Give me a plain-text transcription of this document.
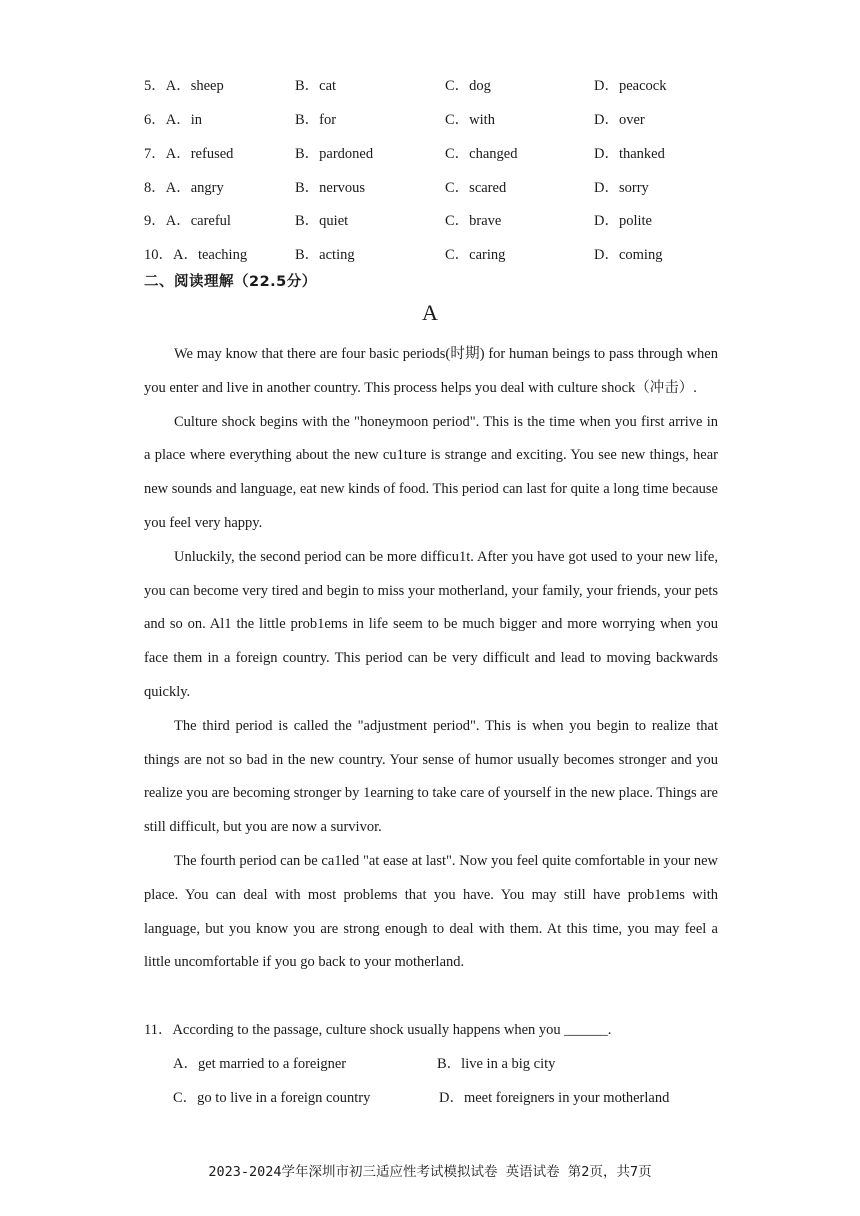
5．A．sheep	B．cat	C．dog	D．peacock
6．A．in	B．for	C．with	D．over
7．A．refused	B．pardoned	C．changed	D．thanked
8．A．angry	B．nervous	C．scared	D．sorry
9．A．careful	B．quiet	C．brave	D．polite
10．A．teaching	B．acting	C．caring	D．coming
二、阅读理解（22.5分）
A

We may know that there are four basic periods(时期) for human beings to pass through when you enter and live in another country. This process helps you deal with culture shock（冲击）.

Culture shock begins with the "honeymoon period". This is the time when you first arrive in a place where everything about the new cu1ture is strange and exciting. You see new things, hear new sounds and language, eat new kinds of food. This period can last for quite a long time because you feel very happy.

Unluckily, the second period can be more difficu1t. After you have got used to your new life, you can become very tired and begin to miss your motherland, your family, your friends, your pets and so on. Al1 the little prob1ems in life seem to be much bigger and more worrying when you face them in a foreign country. This period can be very difficult and lead to moving backwards quickly.

The third period is called the "adjustment period". This is when you begin to realize that things are not so bad in the new country. Your sense of humor usually becomes stronger and you realize you are becoming stronger by 1earning to take care of yourself in the new place. Things are still difficult, but you are now a survivor.

The fourth period can be ca1led "at ease at last". Now you feel quite comfortable in your new place. You can deal with most problems that you have. You may still have prob1ems with language, but you know you are strong enough to deal with them. At this time, you may feel a little uncomfortable if you go back to your motherland.

11．According to the passage, culture shock usually happens when you ______.
A．get married to a foreigner	B．live in a big city
C．go to live in a foreign country	D．meet foreigners in your motherland
2023-2024学年深圳市初三适应性考试模拟试卷 英语试卷 第2页，共7页
